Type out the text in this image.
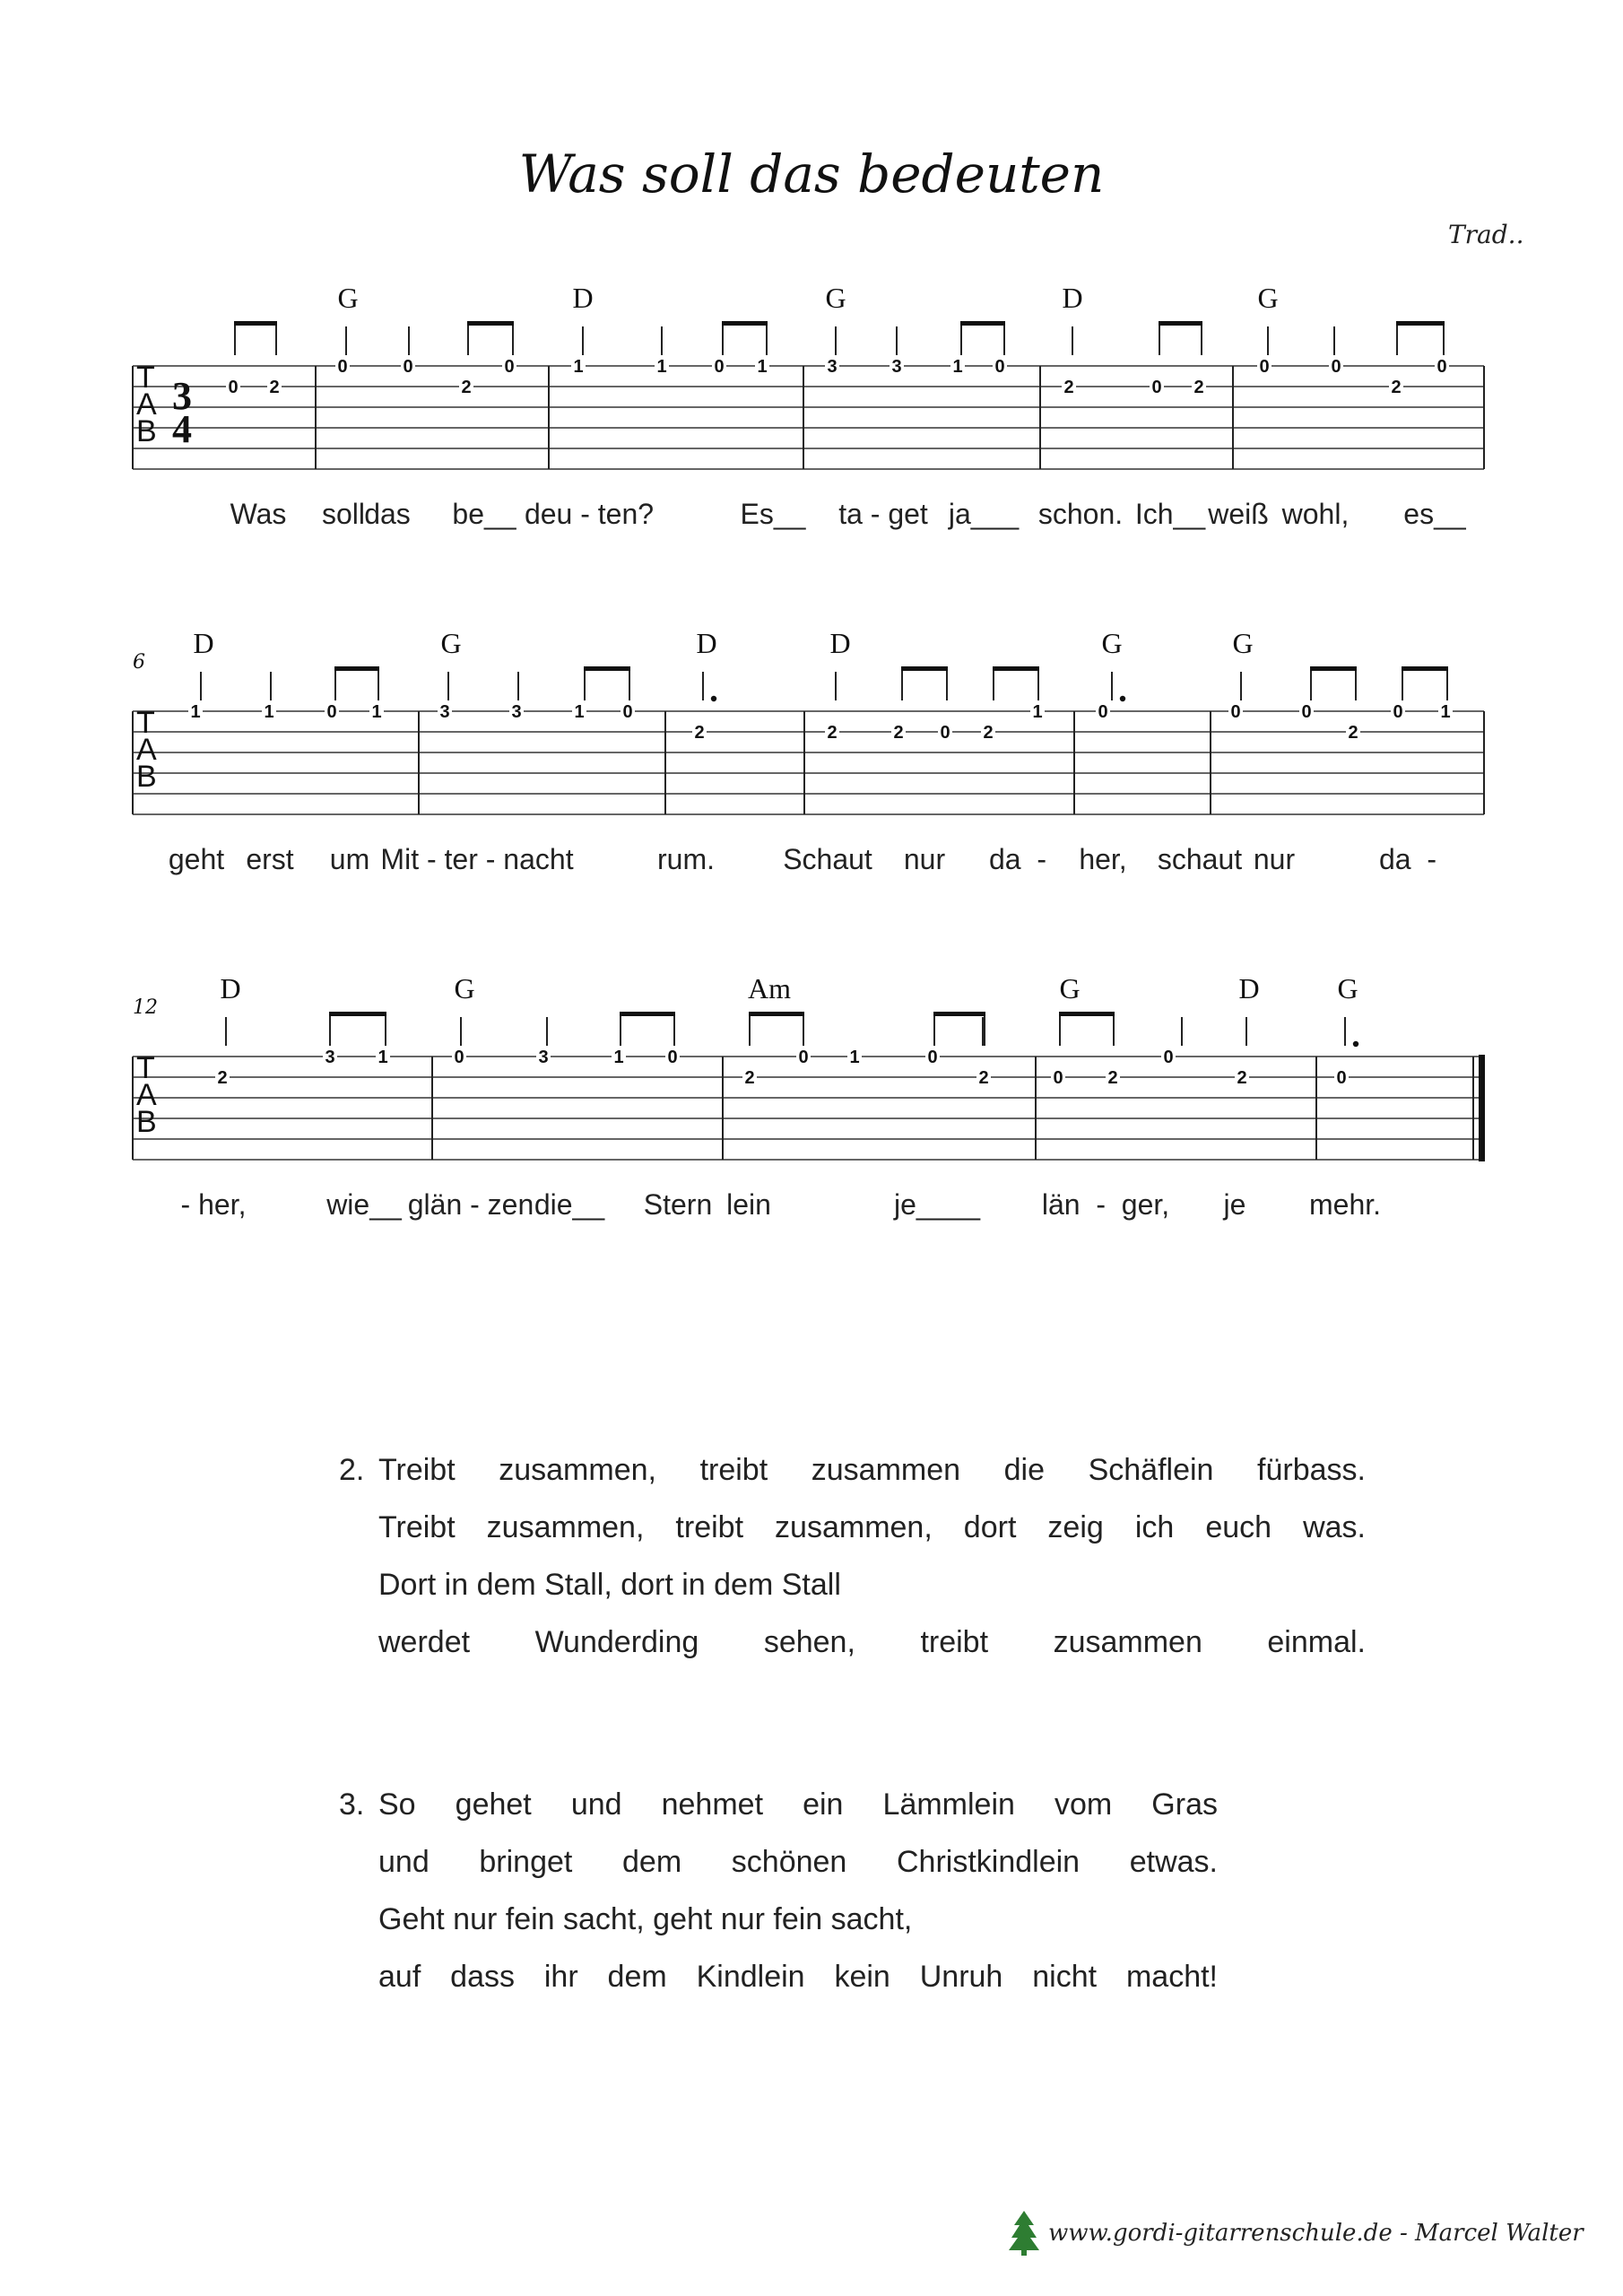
Was soll das bedeuten
Trad..
T
A
B
3
4
G	D	G	D	G
0 2
0	0
2
0	1	1	0 1	3	3	1 0
2	0 2
0	0
2
0
Was soll das be__ deu - ten?	Es__ ta - get ja___ schon. Ich__ weiß wohl, es__
T
A
B
6
D	G	D	D	G	G
1	1	0 1	3	3	1 0
2	2	2 0 2
1	0	0	0
2
0 1
geht erst um Mit - ter - nacht	rum. Schaut nur da  - her, schaut nur	da  -
T
A
B
12
D	G	Am	G	D	G
2
3 1	0	3	1 0
2
0 1	0
2	0 2
0
2	0
- her,	wie__ glän - zen die__ Stern lein	je____ län  -  ger, je mehr.
2. Treibt zusammen, treibt zusammen die Schäflein fürbass.
Treibt zusammen, treibt zusammen, dort zeig ich euch was.
Dort in dem Stall, dort in dem Stall
werdet Wunderding sehen, treibt zusammen einmal.
3. So gehet und nehmet ein Lämmlein vom Gras
und bringet dem schönen Christkindlein etwas.
Geht nur fein sacht, geht nur fein sacht,
auf dass ihr dem Kindlein kein Unruh nicht macht!
www.gordi-gitarrenschule.de - Marcel Walter
